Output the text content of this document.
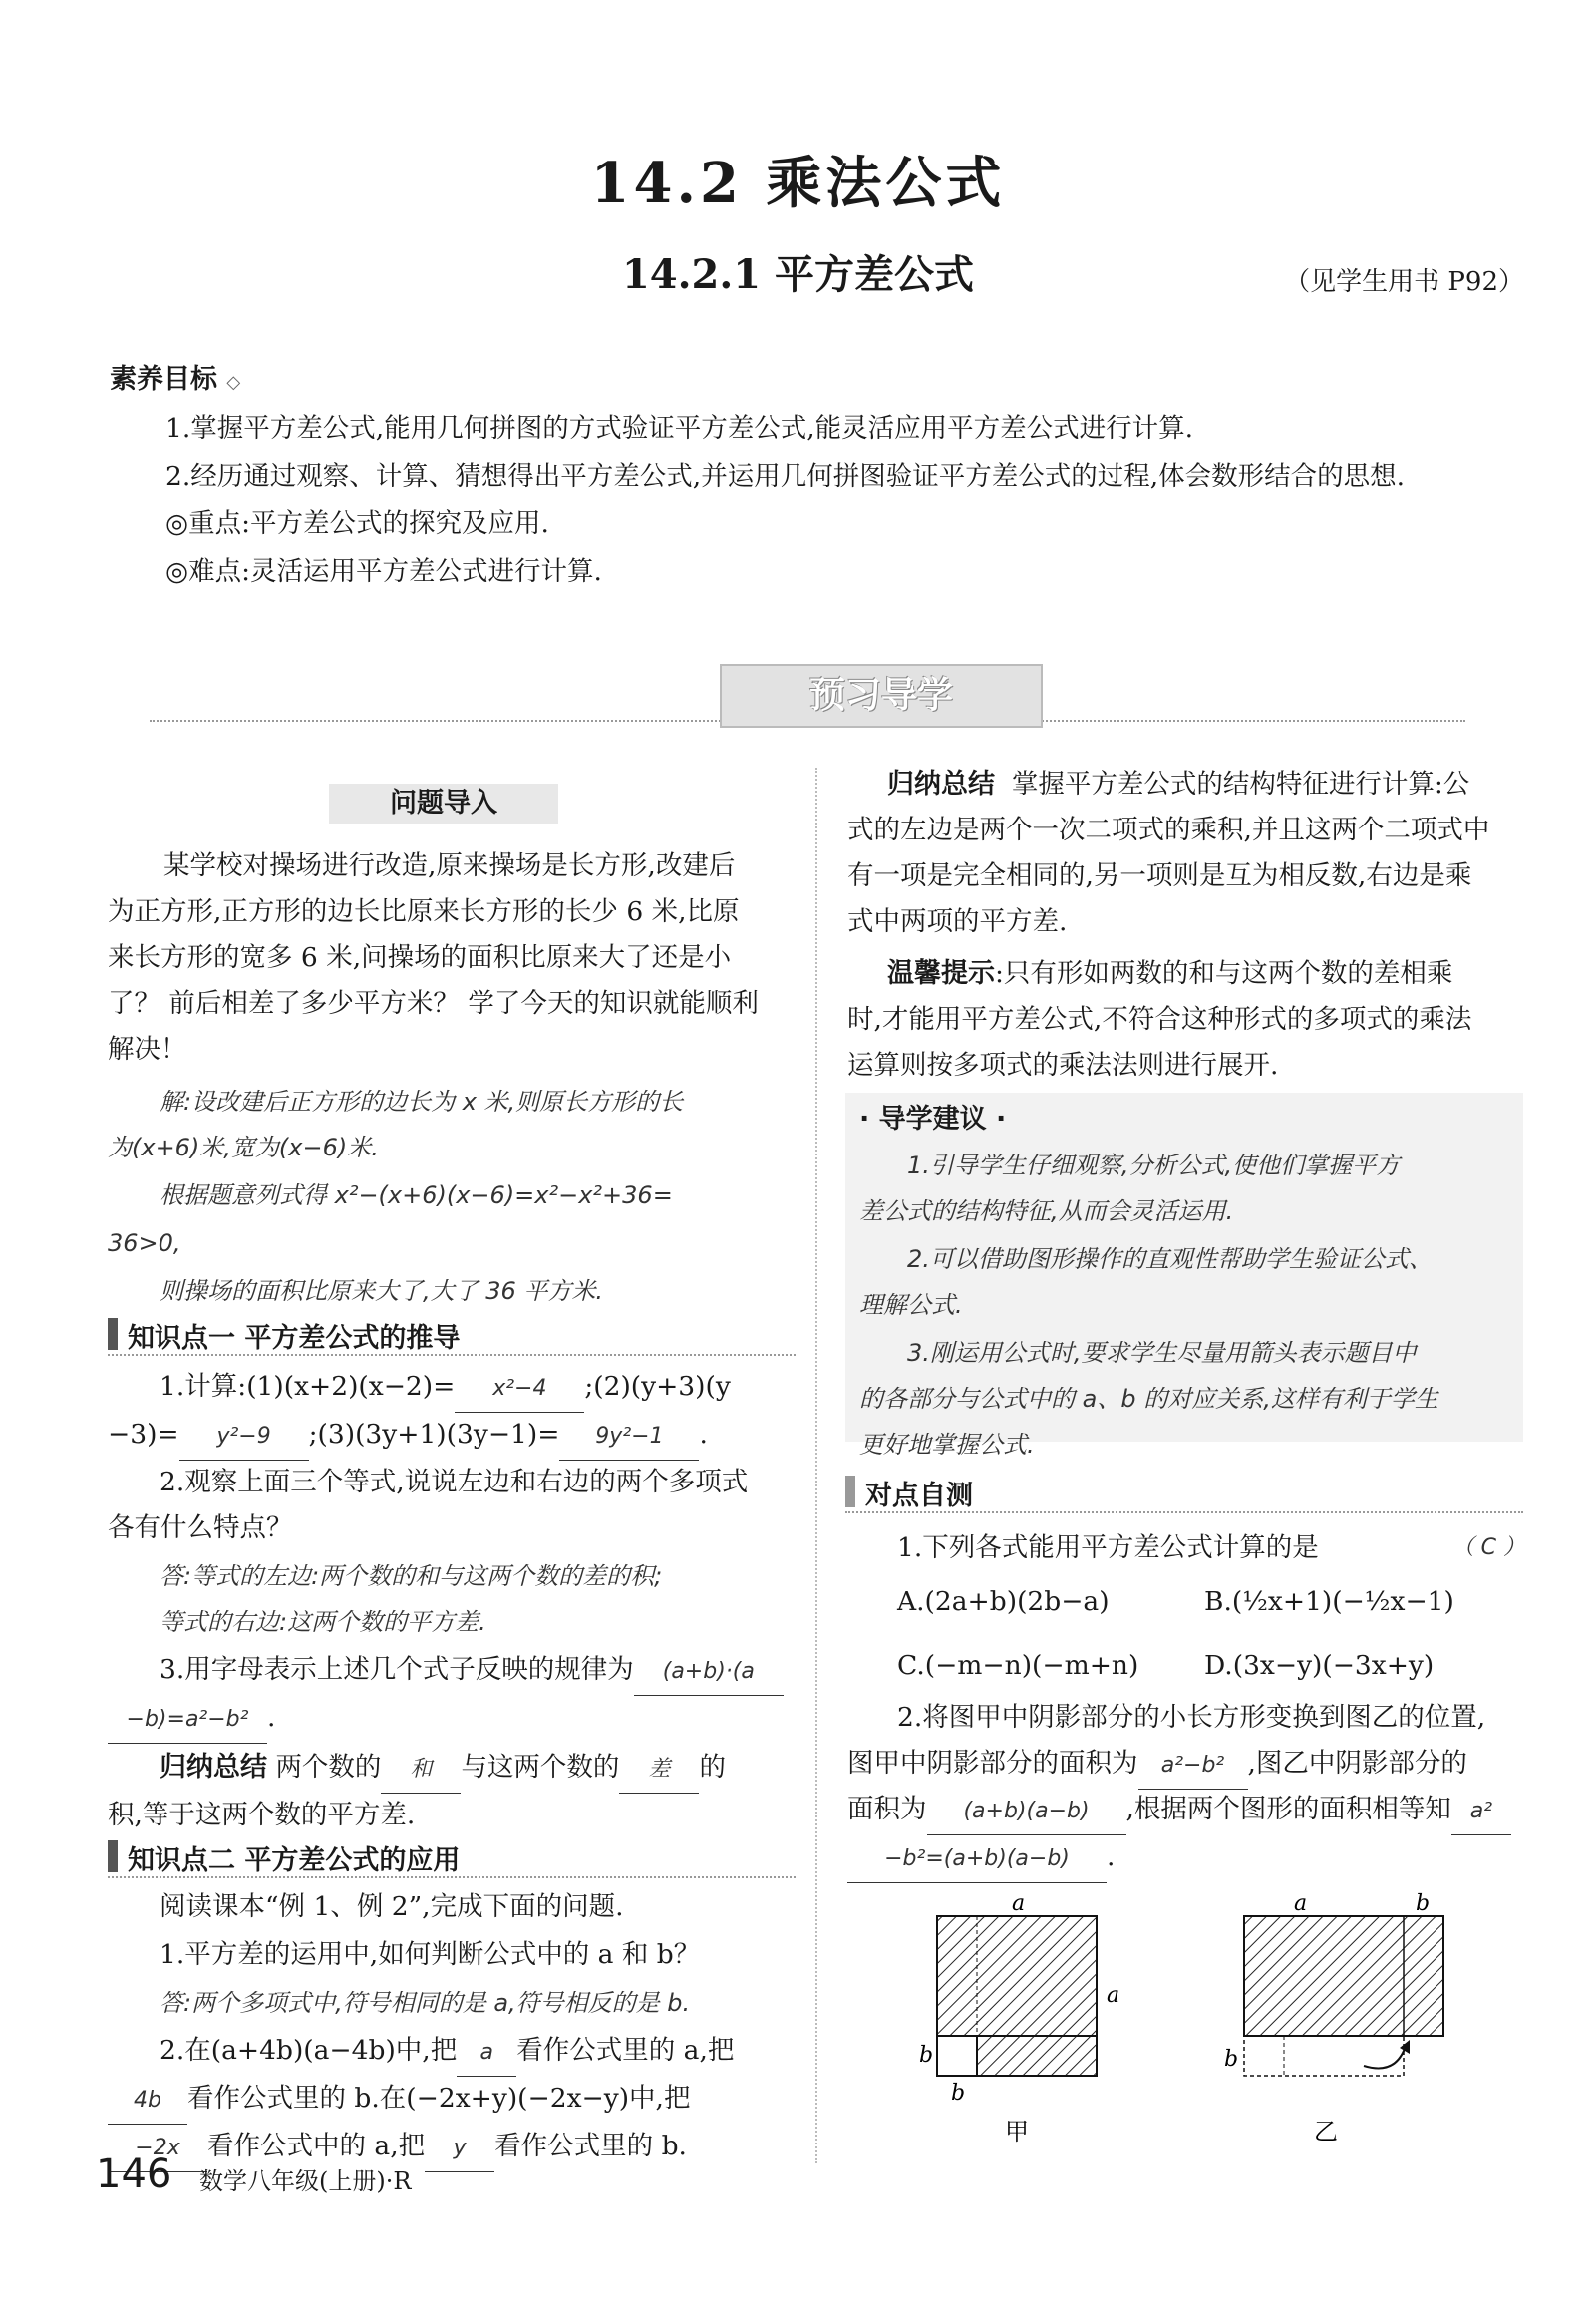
14.2 乘法公式
14.2.1 平方差公式	（见学生用书 P92）
素养目标 ◇
1.掌握平方差公式,能用几何拼图的方式验证平方差公式,能灵活应用平方差公式进行计算.
2.经历通过观察、计算、猜想得出平方差公式,并运用几何拼图验证平方差公式的过程,体会数形结合的思想.
◎重点:平方差公式的探究及应用.
◎难点:灵活运用平方差公式进行计算.
预习导学
问题导入
某学校对操场进行改造,原来操场是长方形,改建后
为正方形,正方形的边长比原来长方形的长少 6 米,比原
来长方形的宽多 6 米,问操场的面积比原来大了还是小
了？ 前后相差了多少平方米？ 学了今天的知识就能顺利
解决！
解:设改建后正方形的边长为 x 米,则原长方形的长
为(x+6)米,宽为(x−6)米.
根据题意列式得 x²−(x+6)(x−6)=x²−x²+36=
36>0,
则操场的面积比原来大了,大了 36 平方米.
知识点一 平方差公式的推导
1.计算:(1)(x+2)(x−2)= x²−4 ;(2)(y+3)(y
−3)= y²−9 ;(3)(3y+1)(3y−1)= 9y²−1 .
2.观察上面三个等式,说说左边和右边的两个多项式
各有什么特点？
答:等式的左边:两个数的和与这两个数的差的积;
等式的右边:这两个数的平方差.
3.用字母表示上述几个式子反映的规律为 (a+b)·(a
−b)=a²−b² .
归纳总结 两个数的 和 与这两个数的 差 的
积,等于这两个数的平方差.
知识点二 平方差公式的应用
阅读课本“例 1、例 2”,完成下面的问题.
1.平方差的运用中,如何判断公式中的 a 和 b？
答:两个多项式中,符号相同的是 a,符号相反的是 b.
2.在(a+4b)(a−4b)中,把 a 看作公式里的 a,把
4b 看作公式里的 b.在(−2x+y)(−2x−y)中,把
−2x 看作公式中的 a,把 y 看作公式里的 b.
归纳总结 掌握平方差公式的结构特征进行计算:公
式的左边是两个一次二项式的乘积,并且这两个二项式中
有一项是完全相同的,另一项则是互为相反数,右边是乘
式中两项的平方差.
温馨提示:只有形如两数的和与这两个数的差相乘
时,才能用平方差公式,不符合这种形式的多项式的乘法
运算则按多项式的乘法法则进行展开.
· 导学建议 ·
1.引导学生仔细观察,分析公式,使他们掌握平方
差公式的结构特征,从而会灵活运用.
2.可以借助图形操作的直观性帮助学生验证公式、
理解公式.
3.刚运用公式时,要求学生尽量用箭头表示题目中
的各部分与公式中的 a、b 的对应关系,这样有利于学生
更好地掌握公式.
对点自测
1.下列各式能用平方差公式计算的是	（ C ）
A.(2a+b)(2b−a)	B.(½x+1)(−½x−1)
C.(−m−n)(−m+n) D.(3x−y)(−3x+y)
2.将图甲中阴影部分的小长方形变换到图乙的位置,
图甲中阴影部分的面积为 a²−b² ,图乙中阴影部分的
面积为 (a+b)(a−b) ,根据两个图形的面积相等知 a²
−b²=(a+b)(a−b) .
a
a
b
b
甲
a	b
b
乙
146 数学八年级(上册)·R
